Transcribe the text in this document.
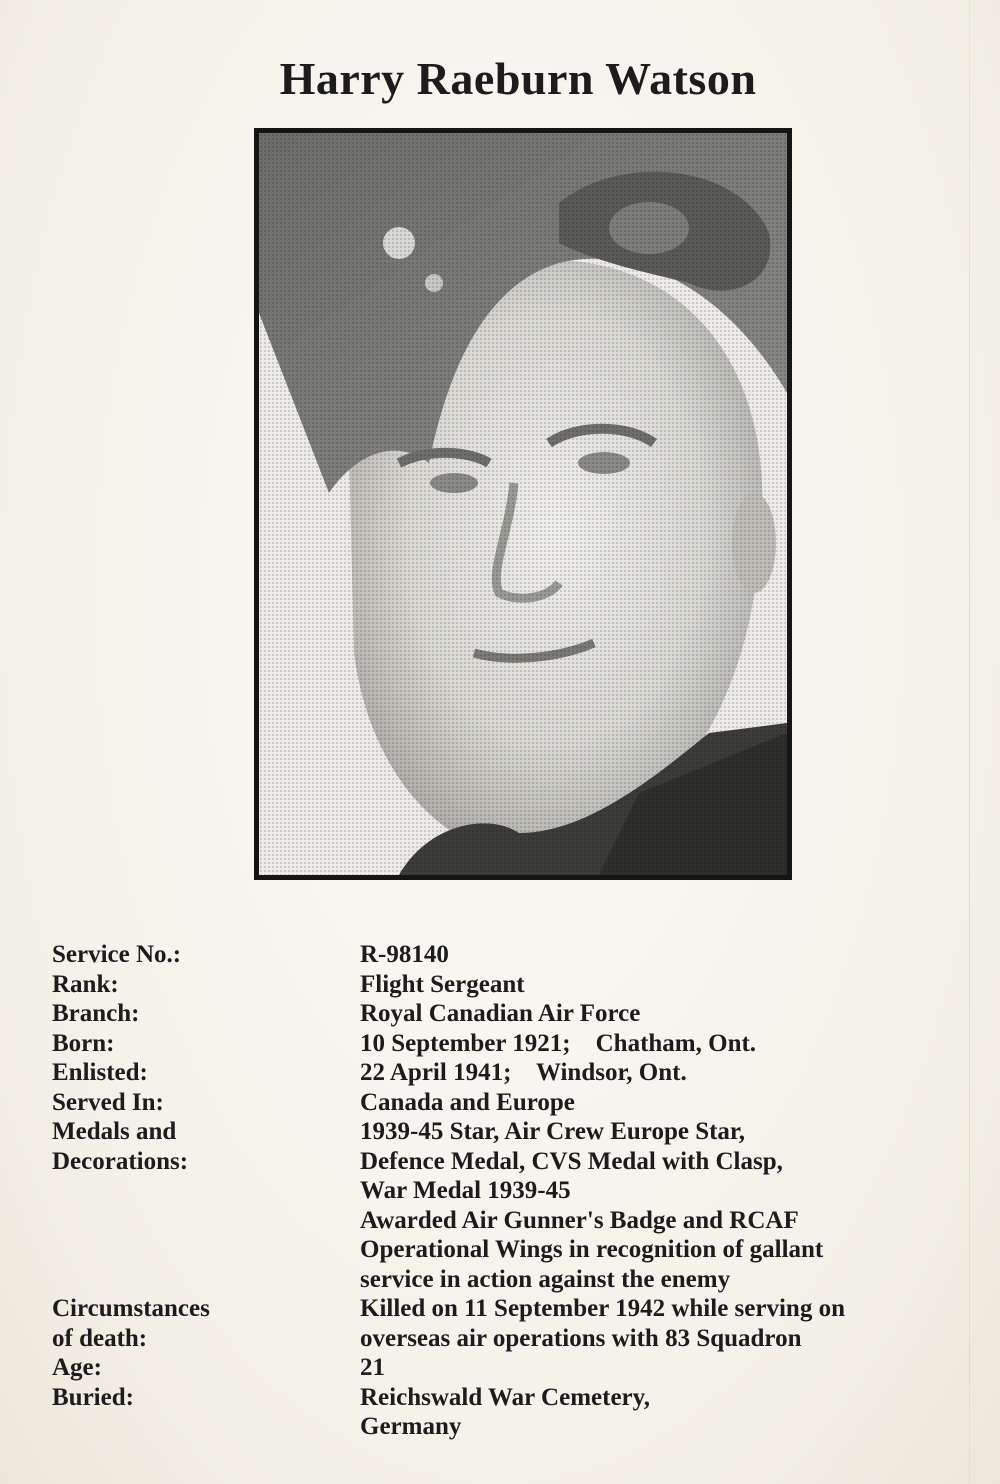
Harry Raeburn Watson
Service No.:	R-98140
Rank:	Flight Sergeant
Branch:	Royal Canadian Air Force
Born:	10 September 1921;    Chatham, Ont.
Enlisted:	22 April 1941;    Windsor, Ont.
Served In:	Canada and Europe
Medals and	1939-45 Star, Air Crew Europe Star,
Decorations:	Defence Medal, CVS Medal with Clasp,
War Medal 1939-45
Awarded Air Gunner's Badge and RCAF
Operational Wings in recognition of gallant
service in action against the enemy
Circumstances	Killed on 11 September 1942 while serving on
of death:	overseas air operations with 83 Squadron
Age:	21
Buried:	Reichswald War Cemetery,
Germany
